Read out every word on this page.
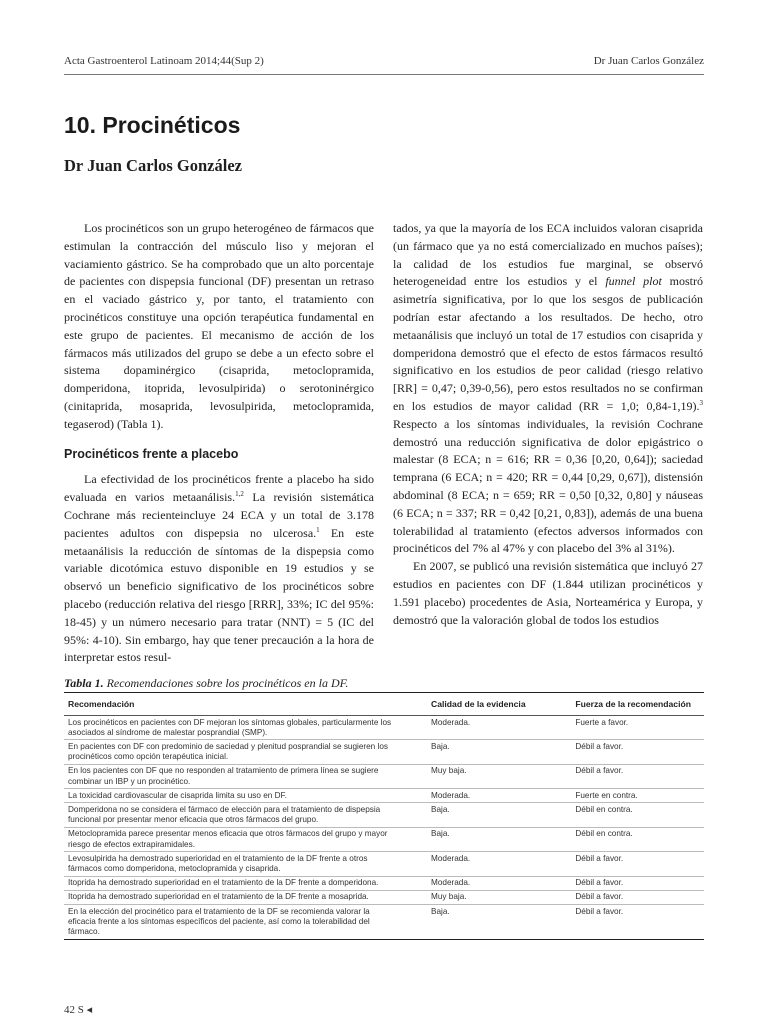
Acta Gastroenterol Latinoam 2014;44(Sup 2)	Dr Juan Carlos González
10. Procinéticos
Dr Juan Carlos González

Los procinéticos son un grupo heterogéneo de fármacos que estimulan la contracción del músculo liso y mejoran el vaciamiento gástrico. Se ha comprobado que un alto porcentaje de pacientes con dispepsia funcional (DF) presentan un retraso en el vaciado gástrico y, por tanto, el tratamiento con procinéticos constituye una opción terapéutica fundamental en este grupo de pacientes. El mecanismo de acción de los fármacos más utilizados del grupo se debe a un efecto sobre el sistema dopaminérgico (cisaprida, metoclopramida, domperidona, itoprida, levosulpirida) o serotoninérgico (cinitaprida, mosaprida, levosulpirida, metoclopramida, tegaserod) (Tabla 1).

Procinéticos frente a placebo

La efectividad de los procinéticos frente a placebo ha sido evaluada en varios metaanálisis.$^{1,2}$ La revisión sistemática Cochrane más recienteincluye 24 ECA y un total de 3.178 pacientes adultos con dispepsia no ulcerosa.$^1$ En este metaanálisis la reducción de síntomas de la dispepsia como variable dicotómica estuvo disponible en 19 estudios y se observó un beneficio significativo de los procinéticos sobre placebo (reducción relativa del riesgo [RRR], 33%; IC del 95%: 18-45) y un número necesario para tratar (NNT) = 5 (IC del 95%: 4-10). Sin embargo, hay que tener precaución a la hora de interpretar estos resul-

tados, ya que la mayoría de los ECA incluidos valoran cisaprida (un fármaco que ya no está comercializado en muchos países); la calidad de los estudios fue marginal, se observó heterogeneidad entre los estudios y el funnel plot mostró asimetría significativa, por lo que los sesgos de publicación podrían estar afectando a los resultados. De hecho, otro metaanálisis que incluyó un total de 17 estudios con cisaprida y domperidona demostró que el efecto de estos fármacos resultó significativo en los estudios de peor calidad (riesgo relativo [RR] = 0,47; 0,39-0,56), pero estos resultados no se confirman en los estudios de mayor calidad (RR = 1,0; 0,84-1,19).$^3$ Respecto a los síntomas individuales, la revisión Cochrane demostró una reducción significativa de dolor epigástrico o malestar (8 ECA; n = 616; RR = 0,36 [0,20, 0,64]); saciedad temprana (6 ECA; n = 420; RR = 0,44 [0,29, 0,67]), distensión abdominal (8 ECA; n = 659; RR = 0,50 [0,32, 0,80] y náuseas (6 ECA; n = 337; RR = 0,42 [0,21, 0,83]), además de una buena tolerabilidad al tratamiento (efectos adversos informados con procinéticos del 7% al 47% y con placebo del 3% al 31%).

En 2007, se publicó una revisión sistemática que incluyó 27 estudios en pacientes con DF (1.844 utilizan procinéticos y 1.591 placebo) procedentes de Asia, Norteamérica y Europa, y demostró que la valoración global de todos los estudios

Tabla 1. Recomendaciones sobre los procinéticos en la DF.
Recomendación	Calidad de la evidencia	Fuerza de la recomendación
Los procinéticos en pacientes con DF mejoran los síntomas globales, particularmente los asociados al síndrome de malestar posprandial (SMP).	Moderada.	Fuerte a favor.
En pacientes con DF con predominio de saciedad y plenitud posprandial se sugieren los procinéticos como opción terapéutica inicial.	Baja.	Débil a favor.
En los pacientes con DF que no responden al tratamiento de primera línea se sugiere combinar un IBP y un procinético.	Muy baja.	Débil a favor.
La toxicidad cardiovascular de cisaprida limita su uso en DF.	Moderada.	Fuerte en contra.
Domperidona no se considera el fármaco de elección para el tratamiento de dispepsia funcional por presentar menor eficacia que otros fármacos del grupo.	Baja.	Débil en contra.
Metoclopramida parece presentar menos eficacia que otros fármacos del grupo y mayor riesgo de efectos extrapiramidales.	Baja.	Débil en contra.
Levosulpirida ha demostrado superioridad en el tratamiento de la DF frente a otros fármacos como domperidona, metoclopramida y cisaprida.	Moderada.	Débil a favor.
Itoprida ha demostrado superioridad en el tratamiento de la DF frente a domperidona.	Moderada.	Débil a favor.
Itoprida ha demostrado superioridad en el tratamiento de la DF frente a mosaprida.	Muy baja.	Débil a favor.
En la elección del procinético para el tratamiento de la DF se recomienda valorar la eficacia frente a los síntomas específicos del paciente, así como la tolerabilidad del fármaco.	Baja.	Débil a favor.
42 S ◂
